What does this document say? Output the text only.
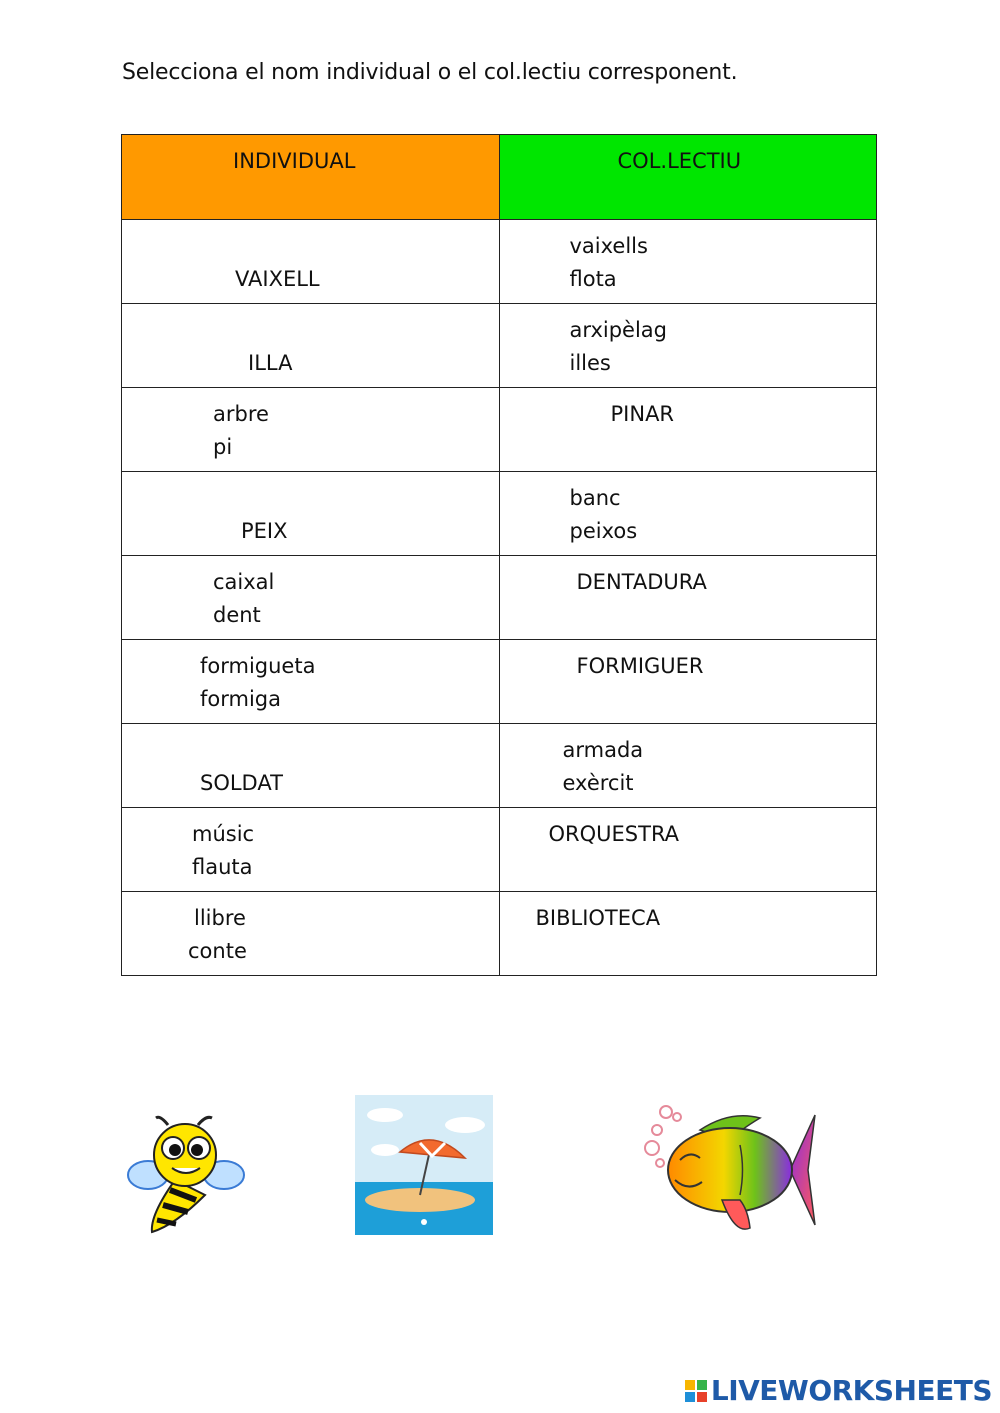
Selecciona el nom individual o el col.lectiu corresponent.
INDIVIDUAL	COL.LECTIU

VAIXELL	vaixells
flota

ILLA	arxipèlag
illes

arbre
pi	PINAR

PEIX	banc
peixos

caixal
dent	DENTADURA

formigueta
formiga	FORMIGUER

SOLDAT	armada
exèrcit

músic
flauta	ORQUESTRA

llibre
conte	BIBLIOTECA
LIVEWORKSHEETS
